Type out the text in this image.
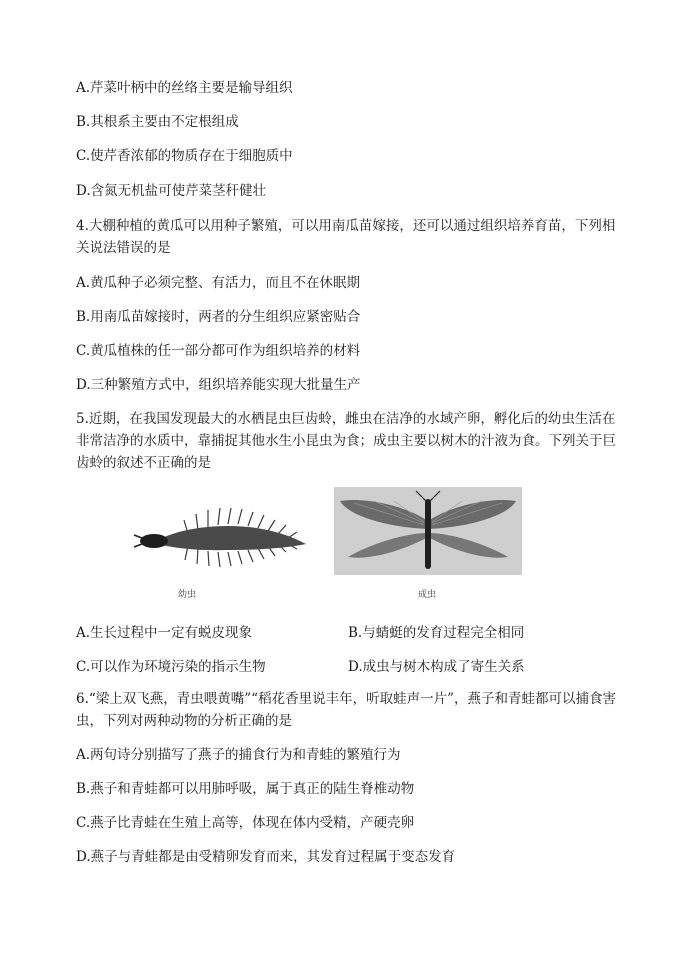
A.芹菜叶柄中的丝络主要是输导组织
B.其根系主要由不定根组成
C.使芹香浓郁的物质存在于细胞质中
D.含氮无机盐可使芹菜茎秆健壮
4.大棚种植的黄瓜可以用种子繁殖，可以用南瓜苗嫁接，还可以通过组织培养育苗，下列相关说法错误的是
A.黄瓜种子必须完整、有活力，而且不在休眠期
B.用南瓜苗嫁接时，两者的分生组织应紧密贴合
C.黄瓜植株的任一部分都可作为组织培养的材料
D.三种繁殖方式中，组织培养能实现大批量生产
5.近期，在我国发现最大的水栖昆虫巨齿蛉，雌虫在洁净的水域产卵，孵化后的幼虫生活在非常洁净的水质中，靠捕捉其他水生小昆虫为食；成虫主要以树木的汁液为食。下列关于巨齿蛉的叙述不正确的是
幼虫	成虫
A.生长过程中一定有蜕皮现象	B.与蜻蜓的发育过程完全相同
C.可以作为环境污染的指示生物	D.成虫与树木构成了寄生关系
6.“梁上双飞燕，青虫喂黄嘴”“稻花香里说丰年，听取蛙声一片”，燕子和青蛙都可以捕食害虫，下列对两种动物的分析正确的是
A.两句诗分别描写了燕子的捕食行为和青蛙的繁殖行为
B.燕子和青蛙都可以用肺呼吸，属于真正的陆生脊椎动物
C.燕子比青蛙在生殖上高等，体现在体内受精，产硬壳卵
D.燕子与青蛙都是由受精卵发育而来，其发育过程属于变态发育
